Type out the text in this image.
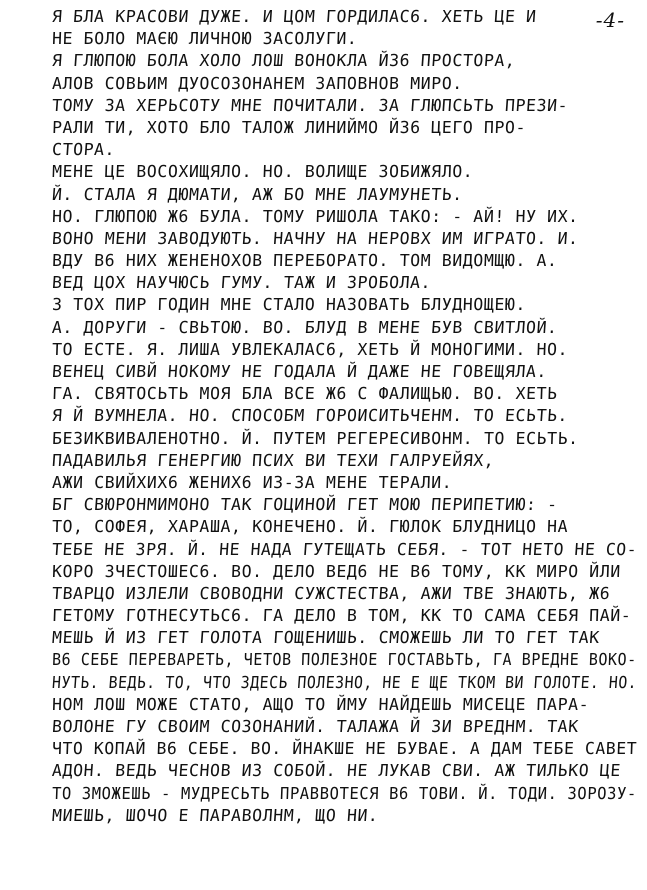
-4-
Я БЛА КРАСОВИ ДУЖЕ. И ЦОМ ГОРДИЛАС6. ХЕТЬ ЦЕ И
НЕ БОЛО МАЄЮ ЛИЧНОЮ ЗАСОЛУГИ.
Я ГЛЮПОЮ БОЛА ХОЛО ЛОШ ВОНОКЛА ЙЗ6 ПРОСТОРА,
АЛОВ СОВЬИМ ДУОСОЗОНАНЕМ ЗАПОВНОВ МИРО.
ТОМУ ЗА ХЕРЬСОТУ МНЕ ПОЧИТАЛИ. ЗА ГЛЮПСЬТЬ ПРЕЗИ-
РАЛИ ТИ, ХОТО БЛО ТАЛОЖ ЛИНИЙМО ЙЗ6 ЦЕГО ПРО-
СТОРА.
МЕНЕ ЦЕ ВОСОХИЩЯЛО. НО. ВОЛИЩЕ ЗОБИЖЯЛО.
Й. СТАЛА Я ДЮМАТИ, АЖ БО МНЕ ЛАУМУНЕТЬ.
НО. ГЛЮПОЮ Ж6 БУЛА. ТОМУ РИШОЛА ТАКО: - АЙ! НУ ИХ.
ВОНО МЕНИ ЗАВОДУЮТЬ. НАЧНУ НА НЕРОВХ ИМ ИГРАТО. И.
ВДУ В6 НИХ ЖЕНЕНОХОВ ПЕРЕБОРАТО. ТОМ ВИДОМЩЮ. А.
ВЕД ЦОХ НАУЧЮСЬ ГУМУ. ТАЖ И ЗРОБОЛА.
З ТОХ ПИР ГОДИН МНЕ СТАЛО НАЗОВАТЬ БЛУДНОЩЕЮ.
А. ДОРУГИ - СВЬТОЮ. ВО. БЛУД В МЕНЕ БУВ СВИТЛОЙ.
ТО ЕСТЕ. Я. ЛИША УВЛЕКАЛАС6, ХЕТЬ Й МОНОГИМИ. НО.
ВЕНЕЦ СИВЙ НОКОМУ НЕ ГОДАЛА Й ДАЖЕ НЕ ГОВЕЩЯЛА.
ГА. СВЯТОСЬТЬ МОЯ БЛА ВСЕ Ж6 С ФАЛИЩЬЮ. ВО. ХЕТЬ
Я Й ВУМНЕЛА. НО. СПОСОБМ ГОРОИСИТЬЧЕНМ. ТО ЕСЬТЬ.
БЕЗИКВИВАЛЕНОТНО. Й. ПУТЕМ РЕГЕРЕСИВОНМ. ТО ЕСЬТЬ.
ПАДАВИЛЬЯ ГЕНЕРГИЮ ПСИХ ВИ ТЕХИ ГАЛРУЕЙЯХ,
АЖИ СВИЙХИХ6 ЖЕНИХ6 ИЗ-ЗА МЕНЕ ТЕРАЛИ.
БГ СВЮРОНМИМОНО ТАК ГОЦИНОЙ ГЕТ МОЮ ПЕРИПЕТИЮ: -
ТО, СОФЕЯ, ХАРАША, КОНЕЧЕНО. Й. ГЮЛОК БЛУДНИЦО НА
ТЕБЕ НЕ ЗРЯ. Й. НЕ НАДА ГУТЕЩАТЬ СЕБЯ. - ТОТ НЕТО НЕ СО-
КОРО ЗЧЕСТОШЕС6. ВО. ДЕЛО ВЕД6 НЕ В6 ТОМУ, КК МИРО ЙЛИ
ТВАРЦО ИЗЛЕЛИ СВОВОДНИ СУЖСТЕСТВА, АЖИ ТВЕ ЗНАЮТЬ, Ж6
ГЕТОМУ ГОТНЕСУТЬС6. ГА ДЕЛО В ТОМ, КК ТО САМА СЕБЯ ПАЙ-
МЕШЬ Й ИЗ ГЕТ ГОЛОТА ГОЩЕНИШЬ. СМОЖЕШЬ ЛИ ТО ГЕТ ТАК
В6 СЕБЕ ПЕРЕВАРЕТЬ, ЧЕТОВ ПОЛЕЗНОЕ ГОСТАВЬТЬ, ГА ВРЕДНЕ ВОКО-
НУТЬ. ВЕДЬ. ТО, ЧТО ЗДЕСЬ ПОЛЕЗНО, НЕ Е ЩЕ ТКОМ ВИ ГОЛОТЕ. НО.
НОМ ЛОШ МОЖЕ СТАТО, АЩО ТО ЙМУ НАЙДЕШЬ МИСЕЦЕ ПАРА-
ВОЛОНЕ ГУ СВОИМ СОЗОНАНИЙ. ТАЛАЖА Й ЗИ ВРЕДНМ. ТАК
ЧТО КОПАЙ В6 СЕБЕ. ВО. ЙНАКШЕ НЕ БУВАЕ. А ДАМ ТЕБЕ САВЕТ
АДОН. ВЕДЬ ЧЕСНОВ ИЗ СОБОЙ. НЕ ЛУКАВ СВИ. АЖ ТИЛЬКО ЦЕ
ТО ЗМОЖЕШЬ - МУДРЕСЬТЬ ПРАВВОТЕСЯ В6 ТОВИ. Й. ТОДИ. ЗОРОЗУ-
МИЕШЬ, ШОЧО Е ПАРАВОЛНМ, ЩО НИ.
